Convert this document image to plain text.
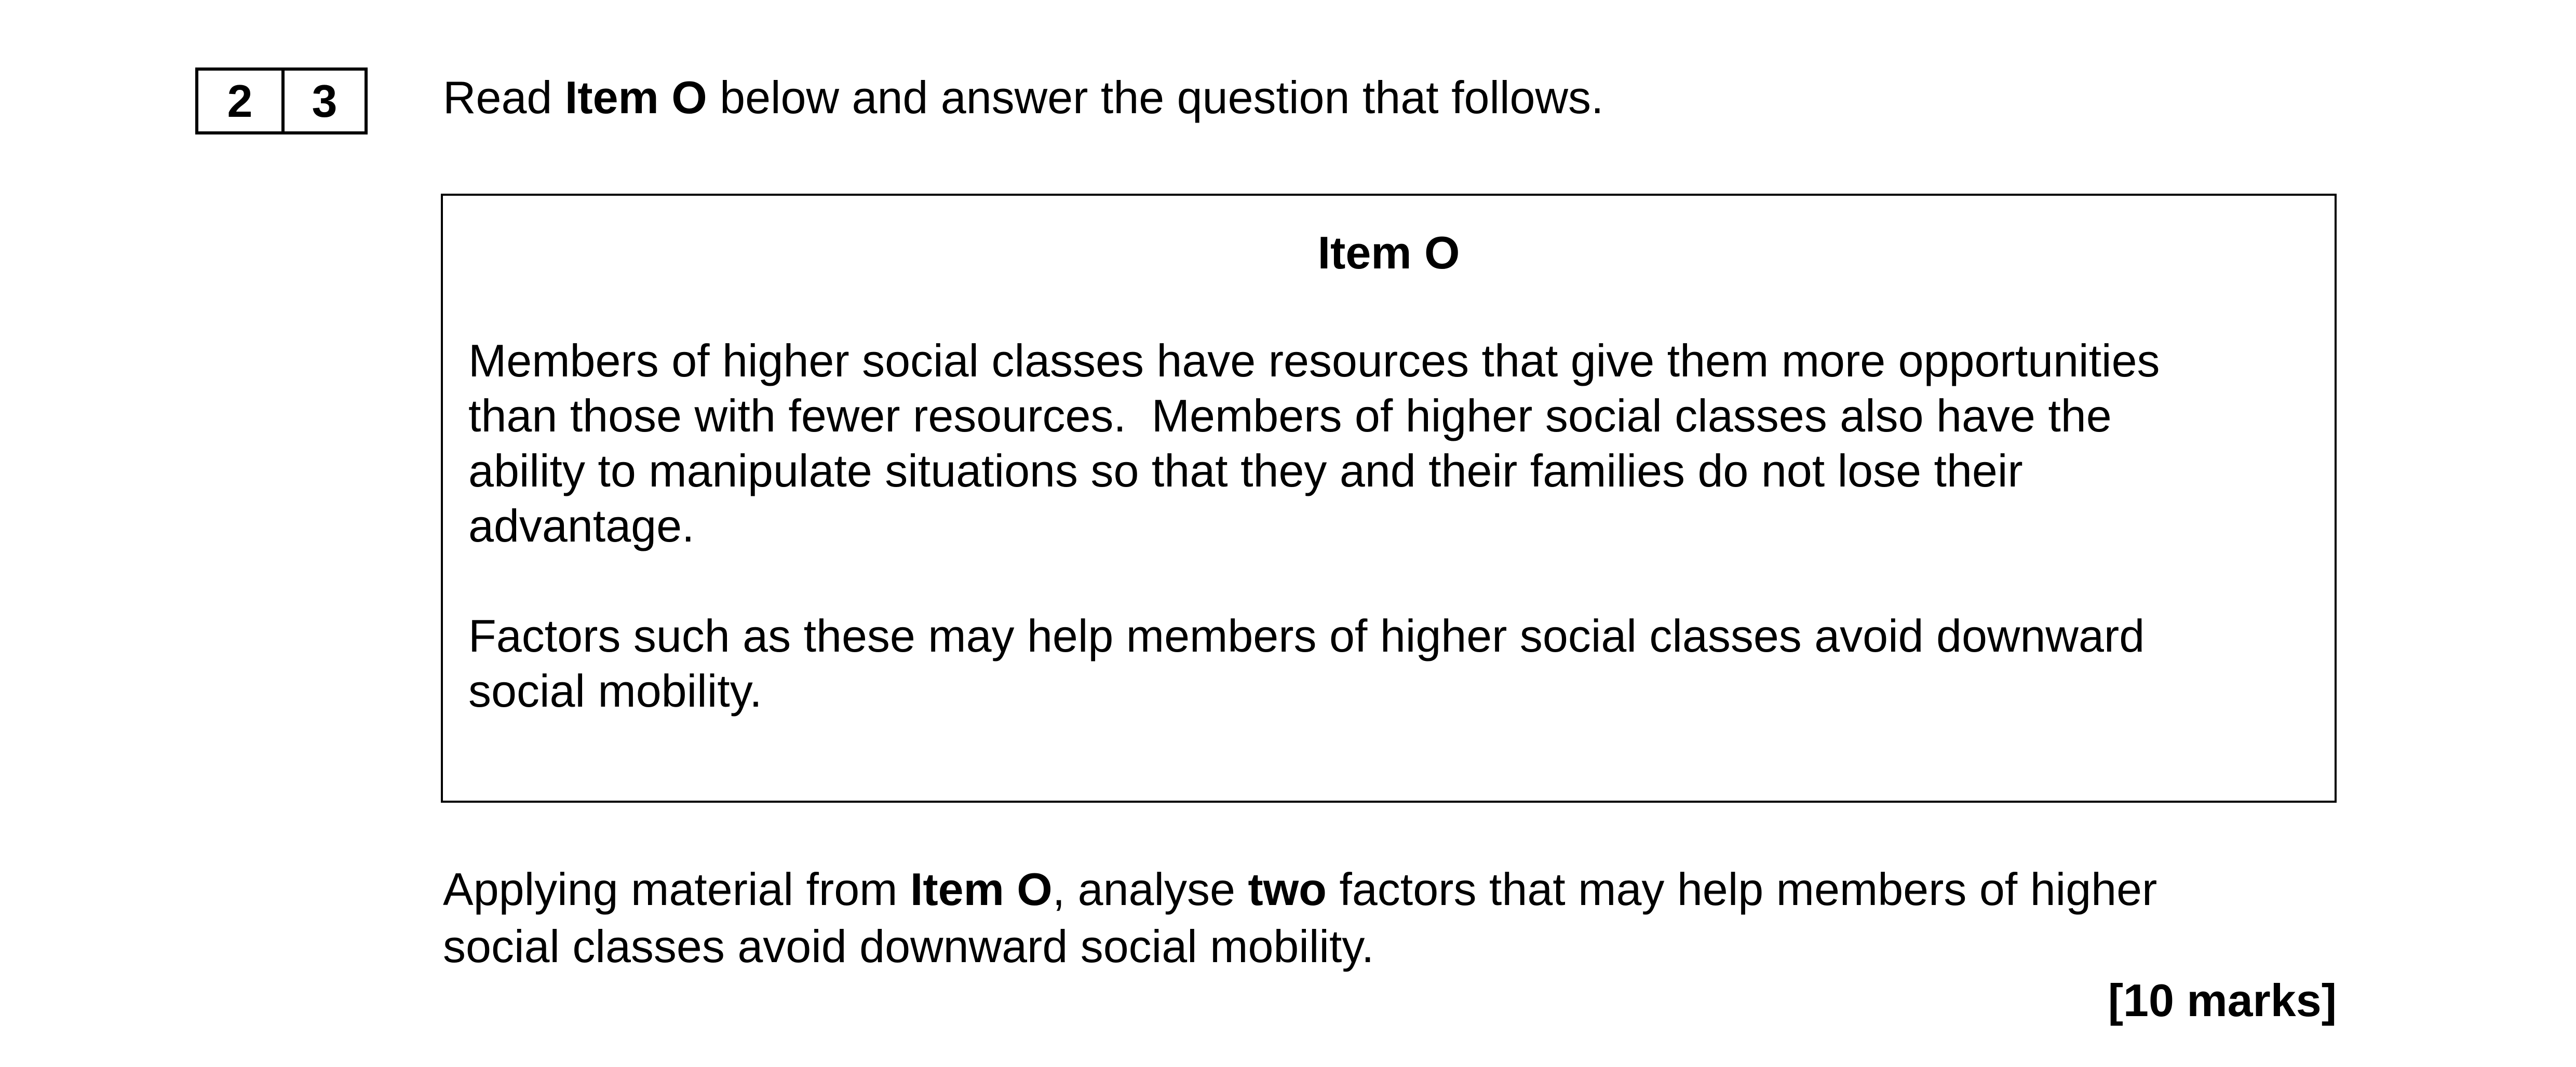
2	3	Read Item O below and answer the question that follows.
Item O

Members of higher social classes have resources that give them more opportunities
than those with fewer resources.  Members of higher social classes also have the
ability to manipulate situations so that they and their families do not lose their
advantage.

Factors such as these may help members of higher social classes avoid downward
social mobility.

Applying material from Item O, analyse two factors that may help members of higher
social classes avoid downward social mobility.

[10 marks]
